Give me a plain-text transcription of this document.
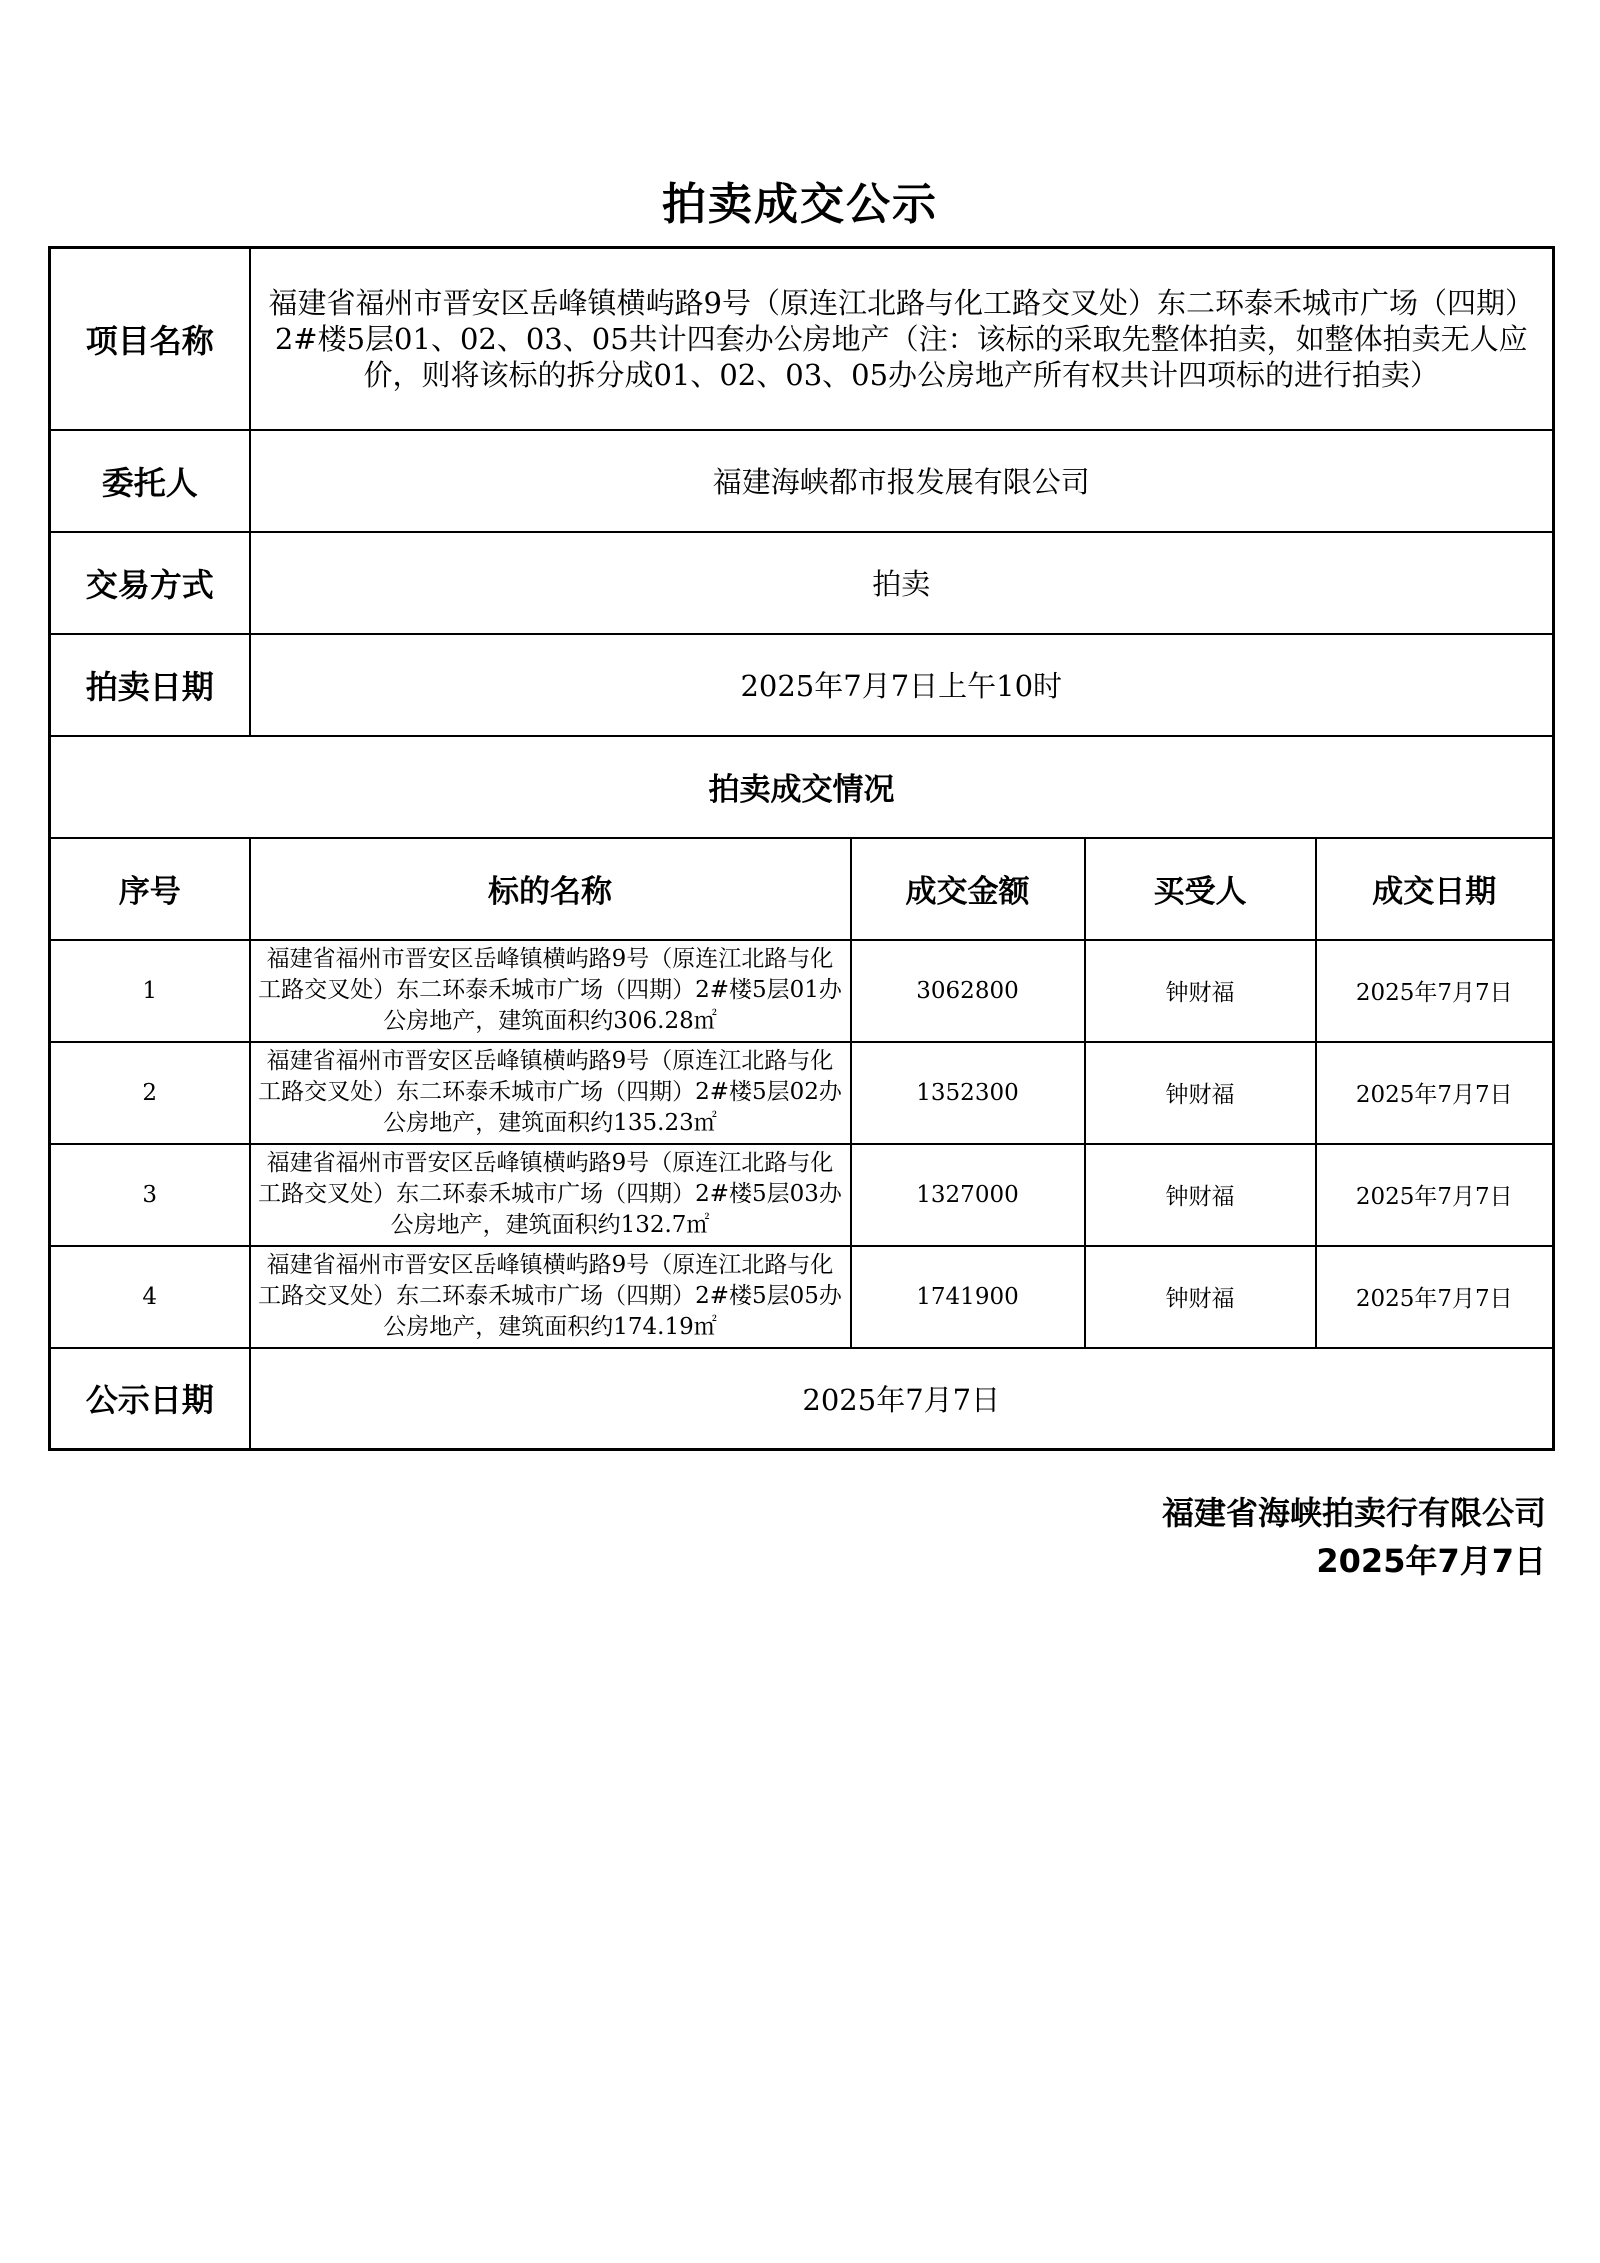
拍卖成交公示
项目名称	福建省福州市晋安区岳峰镇横屿路9号（原连江北路与化工路交叉处）东二环泰禾城市广场（四期）2#楼5层01、02、03、05共计四套办公房地产（注：该标的采取先整体拍卖，如整体拍卖无人应价，则将该标的拆分成01、02、03、05办公房地产所有权共计四项标的进行拍卖）			
委托人	福建海峡都市报发展有限公司			
交易方式	拍卖			
拍卖日期	2025年7月7日上午10时			
拍卖成交情况				
序号	标的名称	成交金额	买受人	成交日期
1	福建省福州市晋安区岳峰镇横屿路9号（原连江北路与化工路交叉处）东二环泰禾城市广场（四期）2#楼5层01办公房地产，建筑面积约306.28㎡	3062800	钟财福	2025年7月7日
2	福建省福州市晋安区岳峰镇横屿路9号（原连江北路与化工路交叉处）东二环泰禾城市广场（四期）2#楼5层02办公房地产，建筑面积约135.23㎡	1352300	钟财福	2025年7月7日
3	福建省福州市晋安区岳峰镇横屿路9号（原连江北路与化工路交叉处）东二环泰禾城市广场（四期）2#楼5层03办公房地产，建筑面积约132.7㎡	1327000	钟财福	2025年7月7日
4	福建省福州市晋安区岳峰镇横屿路9号（原连江北路与化工路交叉处）东二环泰禾城市广场（四期）2#楼5层05办公房地产，建筑面积约174.19㎡	1741900	钟财福	2025年7月7日
公示日期	2025年7月7日			
福建省海峡拍卖行有限公司
2025年7月7日
